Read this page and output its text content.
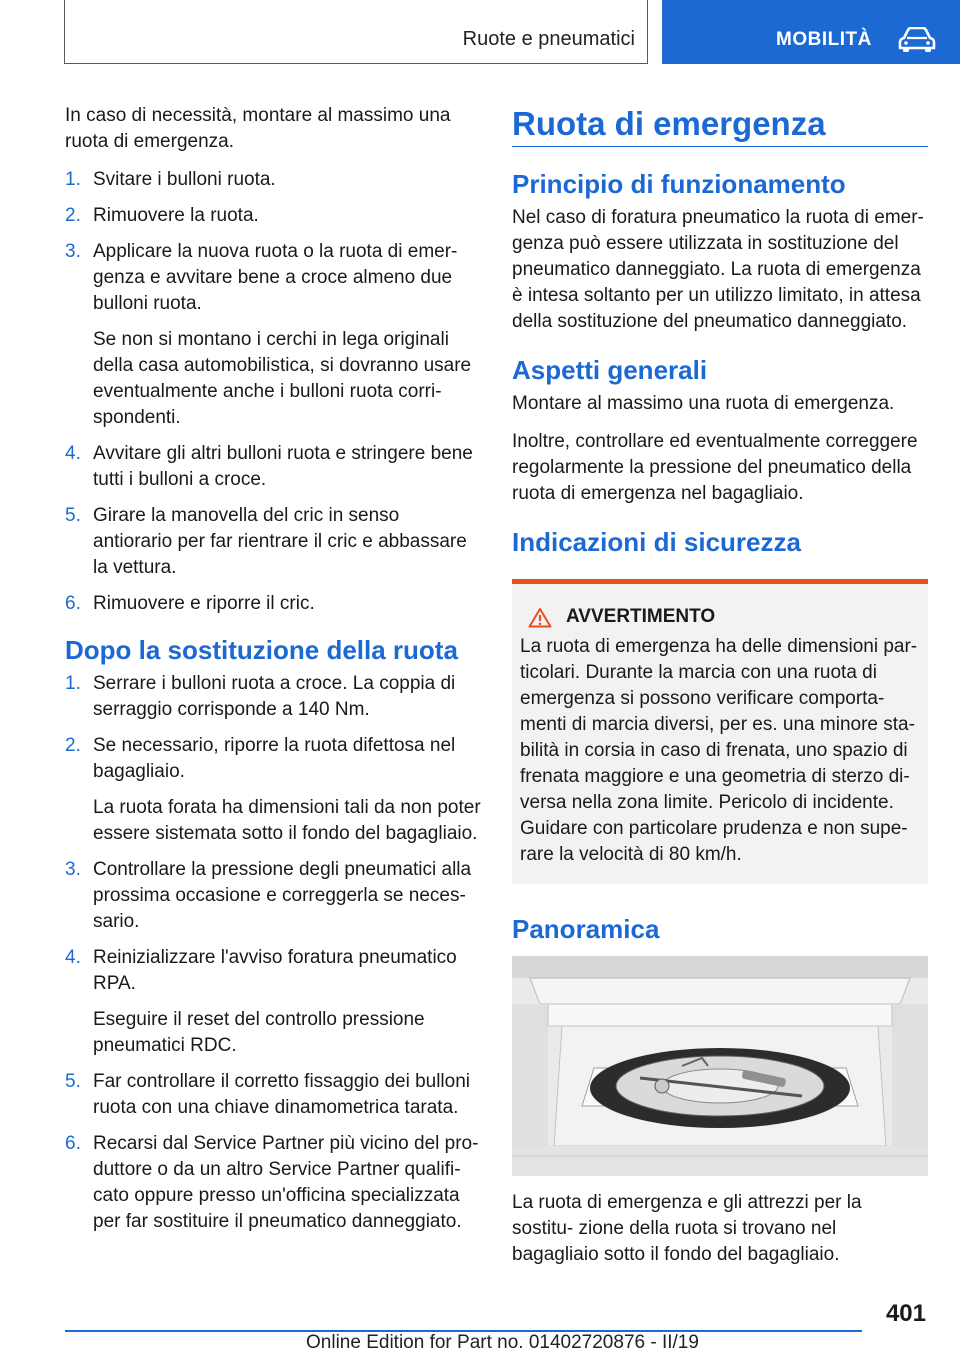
Ruote e pneumatici	MOBILITÀ

In caso di necessità, montare al massimo una ruota di emergenza.

1. Svitare i bulloni ruota.
2. Rimuovere la ruota.
3. Applicare la nuova ruota o la ruota di emer‐ genza e avvitare bene a croce almeno due bulloni ruota.
Se non si montano i cerchi in lega originali della casa automobilistica, si dovranno usare eventualmente anche i bulloni ruota corri‐ spondenti.
4. Avvitare gli altri bulloni ruota e stringere bene tutti i bulloni a croce.
5. Girare la manovella del cric in senso antiorario per far rientrare il cric e abbassare la vettura.
6. Rimuovere e riporre il cric.
Dopo la sostituzione della ruota
1. Serrare i bulloni ruota a croce. La coppia di serraggio corrisponde a 140 Nm.
2. Se necessario, riporre la ruota difettosa nel bagagliaio.
La ruota forata ha dimensioni tali da non poter essere sistemata sotto il fondo del bagagliaio.
3. Controllare la pressione degli pneumatici alla prossima occasione e correggerla se neces‐ sario.
4. Reinizializzare l'avviso foratura pneumatico RPA.
Eseguire il reset del controllo pressione pneumatici RDC.
5. Far controllare il corretto fissaggio dei bulloni ruota con una chiave dinamometrica tarata.
6. Recarsi dal Service Partner più vicino del pro‐ duttore o da un altro Service Partner qualifi‐ cato oppure presso un'officina specializzata per far sostituire il pneumatico danneggiato.
Ruota di emergenza
Principio di funzionamento

Nel caso di foratura pneumatico la ruota di emer‐ genza può essere utilizzata in sostituzione del pneumatico danneggiato. La ruota di emergenza è intesa soltanto per un utilizzo limitato, in attesa della sostituzione del pneumatico danneggiato.

Aspetti generali

Montare al massimo una ruota di emergenza.

Inoltre, controllare ed eventualmente correggere regolarmente la pressione del pneumatico della ruota di emergenza nel bagagliaio.

Indicazioni di sicurezza
AVVERTIMENTO
La ruota di emergenza ha delle dimensioni par‐ ticolari. Durante la marcia con una ruota di emergenza si possono verificare comporta‐ menti di marcia diversi, per es. una minore sta‐ bilità in corsia in caso di frenata, uno spazio di frenata maggiore e una geometria di sterzo di‐ versa nella zona limite. Pericolo di incidente. Guidare con particolare prudenza e non supe‐ rare la velocità di 80 km/h.
Panoramica

La ruota di emergenza e gli attrezzi per la sostitu‐ zione della ruota si trovano nel bagagliaio sotto il fondo del bagagliaio.

401
Online Edition for Part no. 01402720876 - II/19
